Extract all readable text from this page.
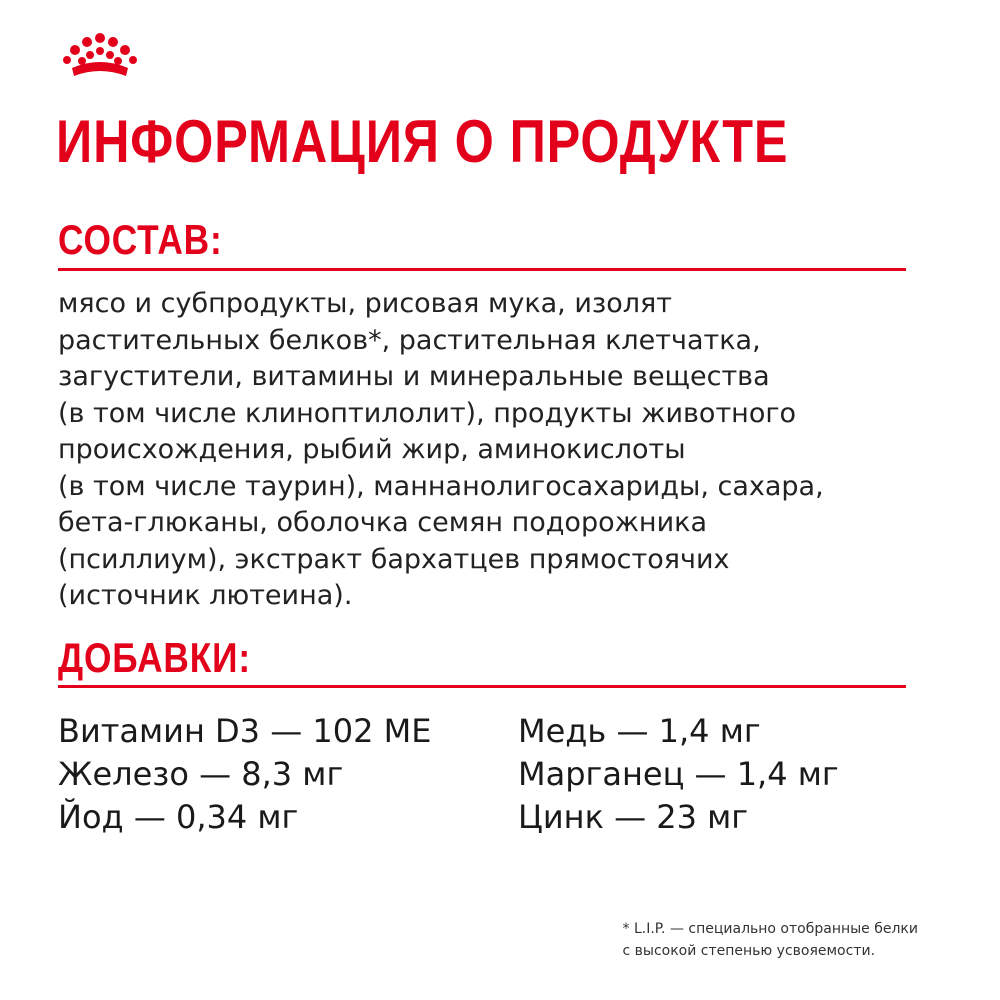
ИНФОРМАЦИЯ О ПРОДУКТЕ
СОСТАВ:

мясо и субпродукты, рисовая мука, изолят
растительных белков*, растительная клетчатка,
загустители, витамины и минеральные вещества
(в том числе клиноптилолит), продукты животного
происхождения, рыбий жир, аминокислоты
(в том числе таурин), маннанолигосахариды, сахара,
бета-глюканы, оболочка семян подорожника
(псиллиум), экстракт бархатцев прямостоячих
(источник лютеина).

ДОБАВКИ:
Витамин D3 — 102 МЕ
Железо — 8,3 мг
Йод — 0,34 мг
Медь — 1,4 мг
Марганец — 1,4 мг
Цинк — 23 мг

* L.I.P. — специально отобранные белки
с высокой степенью усвояемости.
